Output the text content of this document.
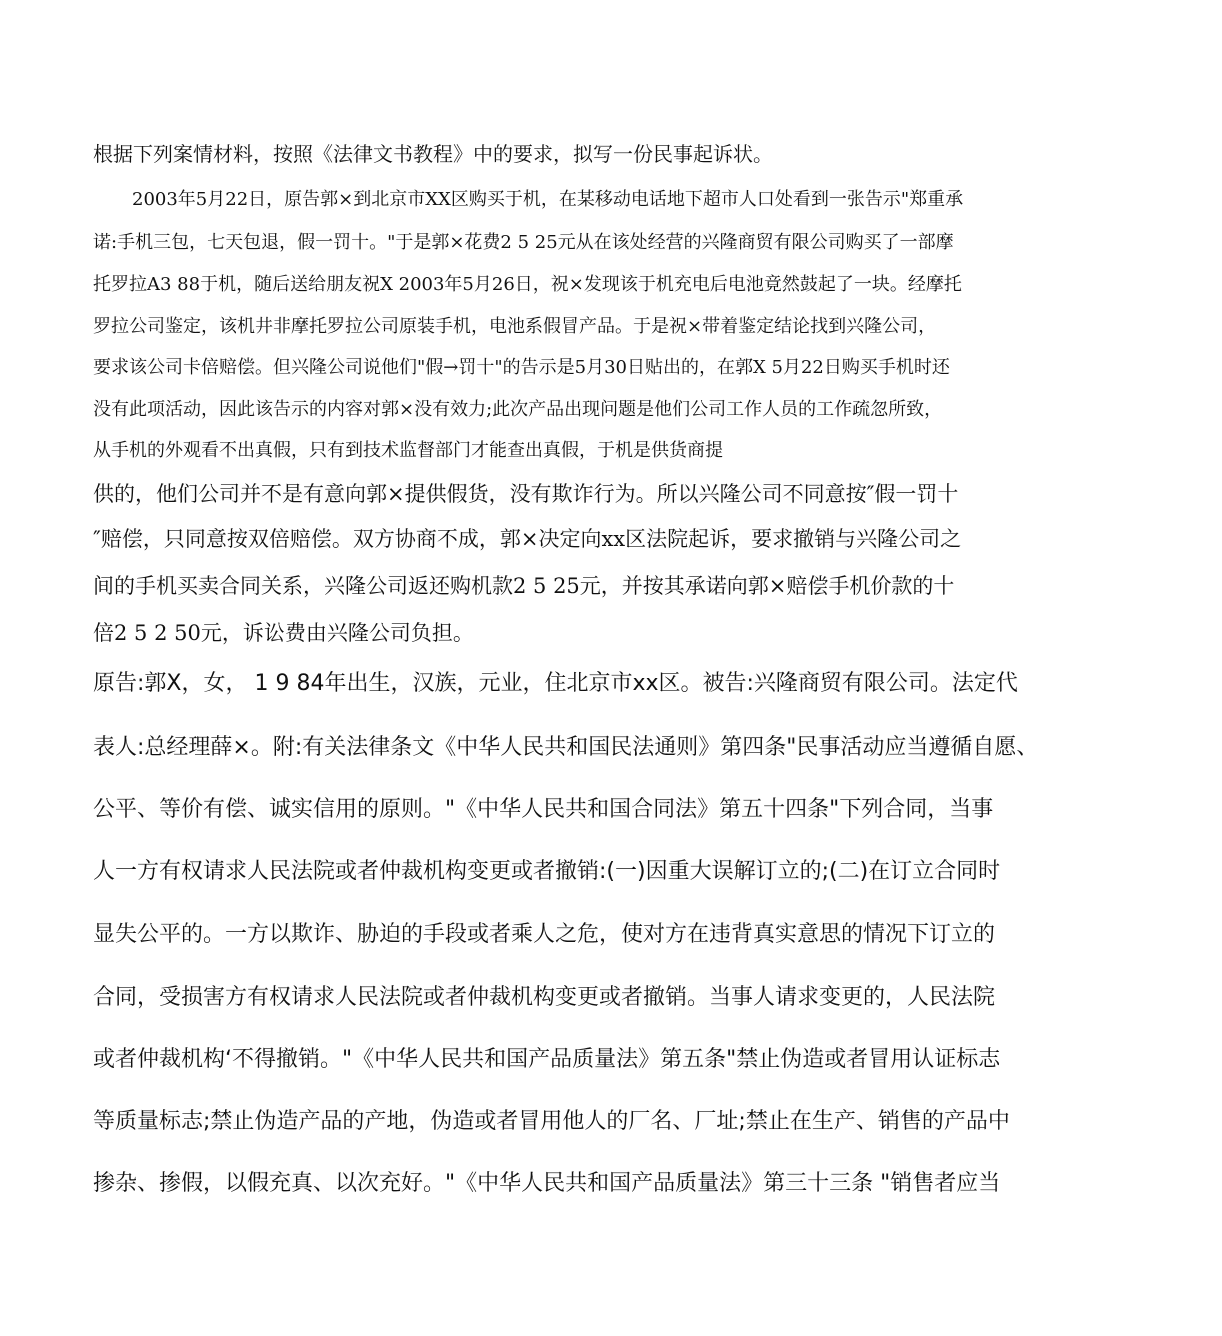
根据下列案情材料，按照《法律文书教程》中的要求，拟写一份民事起诉状。

2003年5月22日，原告郭×到北京市XX区购买于机，在某移动电话地下超市人口处看到一张告示"郑重承

诺:手机三包，七天包退，假一罚十。"于是郭×花费2 5 25元从在该处经营的兴隆商贸有限公司购买了一部摩

托罗拉A3 88于机，随后送给朋友祝X 2003年5月26日，祝×发现该于机充电后电池竟然鼓起了一块。经摩托

罗拉公司鉴定，该机井非摩托罗拉公司原装手机，电池系假冒产品。于是祝×带着鉴定结论找到兴隆公司，

要求该公司卡倍赔偿。但兴隆公司说他们"假→罚十"的告示是5月30日贴出的，在郭X 5月22日购买手机时还

没有此项活动，因此该告示的内容对郭×没有效力;此次产品出现问题是他们公司工作人员的工作疏忽所致，

从手机的外观看不出真假，只有到技术监督部门才能查出真假，于机是供货商提

供的，他们公司并不是有意向郭×提供假货，没有欺诈行为。所以兴隆公司不同意按″假一罚十

″赔偿，只同意按双倍赔偿。双方协商不成，郭×决定向xx区法院起诉，要求撤销与兴隆公司之

间的手机买卖合同关系，兴隆公司返还购机款2 5 25元，并按其承诺向郭×赔偿手机价款的十

倍2 5 2 50元，诉讼费由兴隆公司负担。

原告:郭X，女， 1 9 84年出生，汉族，元业，住北京市xx区。被告:兴隆商贸有限公司。法定代

表人:总经理薛×。附:有关法律条文《中华人民共和国民法通则》第四条"民事活动应当遵循自愿、

公平、等价有偿、诚实信用的原则。"《中华人民共和国合同法》第五十四条"下列合同，当事

人一方有权请求人民法院或者仲裁机构变更或者撤销:(一)因重大误解订立的;(二)在订立合同时

显失公平的。一方以欺诈、胁迫的手段或者乘人之危，使对方在违背真实意思的情况下订立的

合同，受损害方有权请求人民法院或者仲裁机构变更或者撤销。当事人请求变更的，人民法院

或者仲裁机构‘不得撤销。"《中华人民共和国产品质量法》第五条"禁止伪造或者冒用认证标志

等质量标志;禁止伪造产品的产地，伪造或者冒用他人的厂名、厂址;禁止在生产、销售的产品中

掺杂、掺假，以假充真、以次充好。"《中华人民共和国产品质量法》第三十三条 "销售者应当
